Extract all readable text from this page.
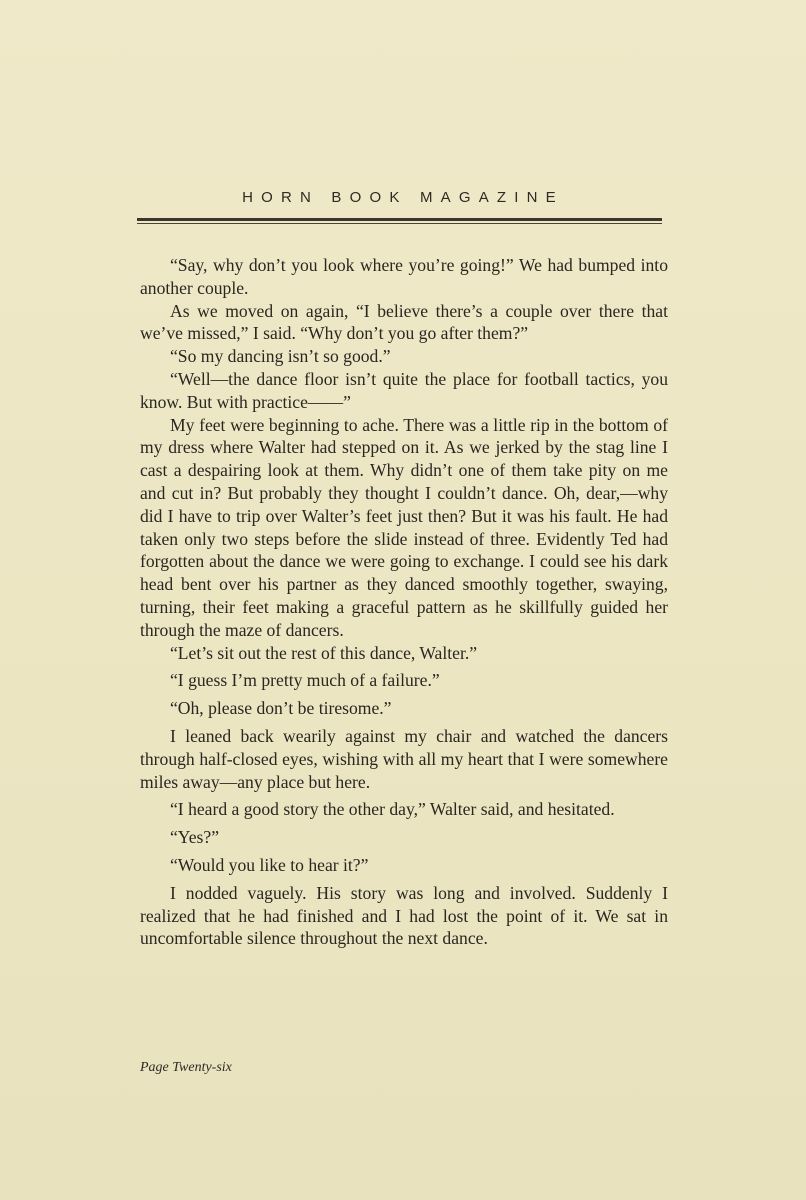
HORN BOOK MAGAZINE

“Say, why don’t you look where you’re going!” We had bumped into another couple.

As we moved on again, “I believe there’s a couple over there that we’ve missed,” I said. “Why don’t you go after them?”

“So my dancing isn’t so good.”

“Well—the dance floor isn’t quite the place for football tactics, you know. But with practice——”

My feet were beginning to ache. There was a little rip in the bottom of my dress where Walter had stepped on it. As we jerked by the stag line I cast a despairing look at them. Why didn’t one of them take pity on me and cut in? But probably they thought I couldn’t dance. Oh, dear,—why did I have to trip over Walter’s feet just then? But it was his fault. He had taken only two steps before the slide instead of three. Evidently Ted had forgotten about the dance we were going to exchange. I could see his dark head bent over his partner as they danced smoothly together, swaying, turning, their feet making a graceful pattern as he skillfully guided her through the maze of dancers.

“Let’s sit out the rest of this dance, Walter.”

“I guess I’m pretty much of a failure.”

“Oh, please don’t be tiresome.”

I leaned back wearily against my chair and watched the dancers through half-closed eyes, wishing with all my heart that I were somewhere miles away—any place but here.

“I heard a good story the other day,” Walter said, and hesitated.

“Yes?”

“Would you like to hear it?”

I nodded vaguely. His story was long and involved. Suddenly I realized that he had finished and I had lost the point of it. We sat in uncomfortable silence throughout the next dance.

Page Twenty-six
